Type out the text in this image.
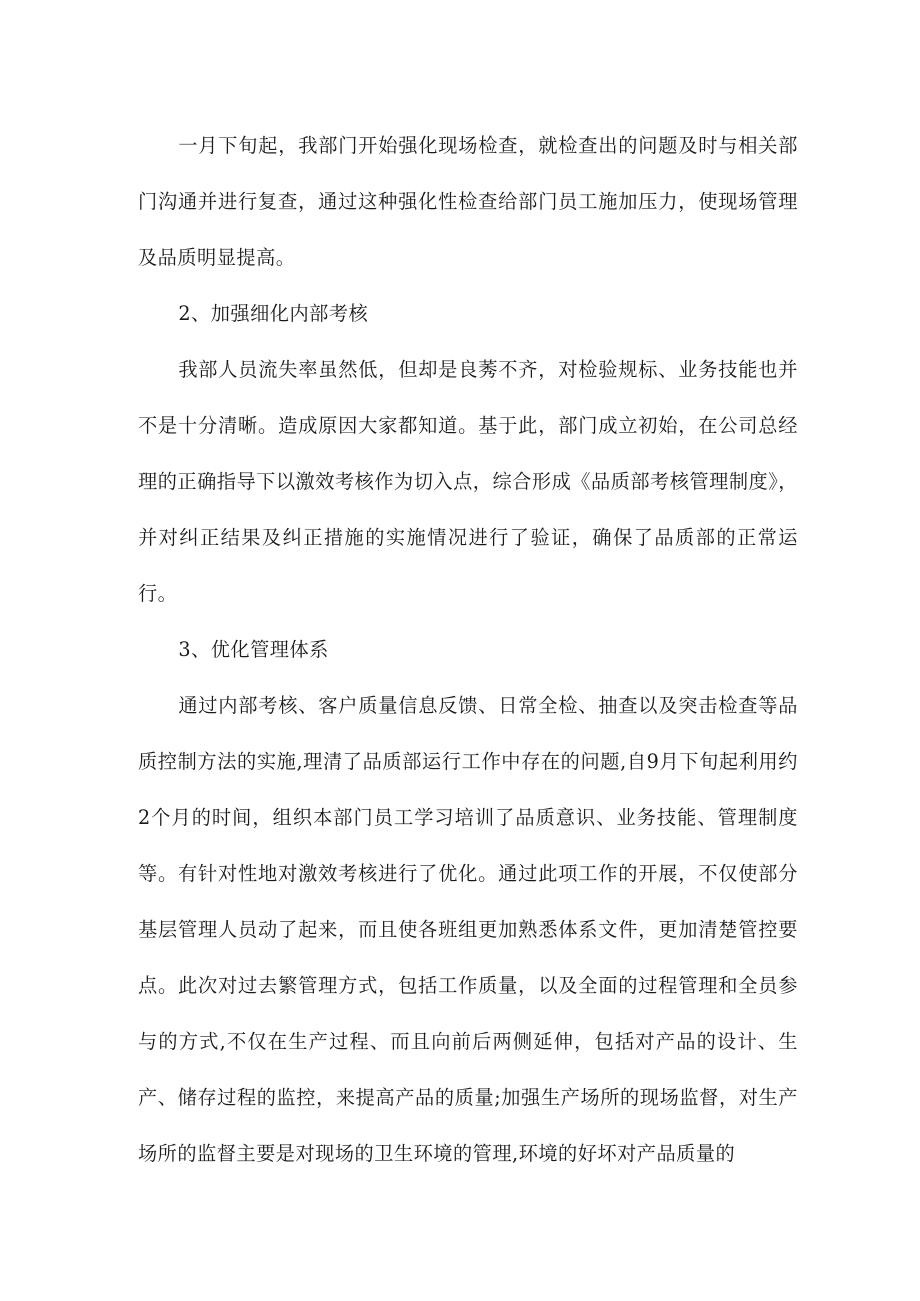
一月下旬起，我部门开始强化现场检查，就检查出的问题及时与相关部门沟通并进行复查，通过这种强化性检查给部门员工施加压力，使现场管理及品质明显提高。

2、加强细化内部考核

我部人员流失率虽然低，但却是良莠不齐，对检验规标、业务技能也并不是十分清晰。造成原因大家都知道。基于此，部门成立初始，在公司总经理的正确指导下以激效考核作为切入点，综合形成《品质部考核管理制度》，并对纠正结果及纠正措施的实施情况进行了验证，确保了品质部的正常运行。

3、优化管理体系

通过内部考核、客户质量信息反馈、日常全检、抽查以及突击检查等品质控制方法的实施,理清了品质部运行工作中存在的问题,自9月下旬起利用约2个月的时间，组织本部门员工学习培训了品质意识、业务技能、管理制度等。有针对性地对激效考核进行了优化。通过此项工作的开展，不仅使部分基层管理人员动了起来，而且使各班组更加熟悉体系文件，更加清楚管控要点。此次对过去繁管理方式，包括工作质量，以及全面的过程管理和全员参与的方式,不仅在生产过程、而且向前后两侧延伸，包括对产品的设计、生产、储存过程的监控，来提高产品的质量;加强生产场所的现场监督，对生产场所的监督主要是对现场的卫生环境的管理,环境的好坏对产品质量的
